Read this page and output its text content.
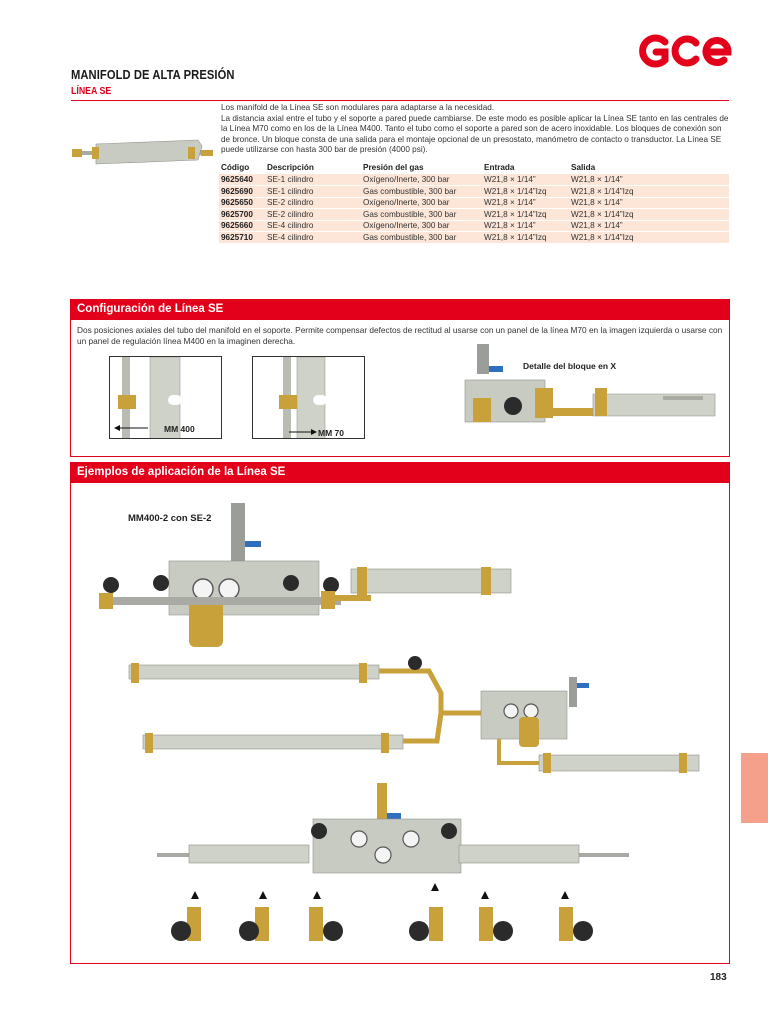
MANIFOLD DE ALTA PRESIÓN
LÍNEA SE

Los manifold de la Línea SE son modulares para adaptarse a la necesidad.

La distancia axial entre el tubo y el soporte a pared puede cambiarse. De este modo es posible aplicar la Línea SE tanto en las centrales de la Línea M70 como en los de la Línea M400. Tanto el tubo como el soporte a pared son de acero inoxidable. Los bloques de conexión son de bronce. Un bloque consta de una salida para el montaje opcional de un presostato, manómetro de contacto o transductor. La Línea SE puede utilizarse con hasta 300 bar de presión (4000 psi).

Código	Descripción	Presión del gas	Entrada	Salida
9625640	SE-1 cilindro	Oxígeno/Inerte, 300 bar	W21,8 × 1/14”	W21,8 × 1/14”
9625690	SE-1 cilindro	Gas combustible, 300 bar	W21,8 × 1/14”Izq	W21,8 × 1/14”Izq
9625650	SE-2 cilindro	Oxígeno/Inerte, 300 bar	W21,8 × 1/14”	W21,8 × 1/14”
9625700	SE-2 cilindro	Gas combustible, 300 bar	W21,8 × 1/14”Izq	W21,8 × 1/14”Izq
9625660	SE-4 cilindro	Oxígeno/Inerte, 300 bar	W21,8 × 1/14”	W21,8 × 1/14”
9625710	SE-4 cilindro	Gas combustible, 300 bar	W21,8 × 1/14”Izq	W21,8 × 1/14”Izq
Configuración de Línea SE
Dos posiciones axiales del tubo del manifold en el soporte. Permite compensar defectos de rectitud al usarse con un panel de la línea M70 en la imagen izquierda o usarse con un panel de regulación línea M400 en la imaginen derecha.
MM 400	MM 70
Detalle del bloque en X
Ejemplos de aplicación de la Línea SE
MM400-2 con SE-2
183
